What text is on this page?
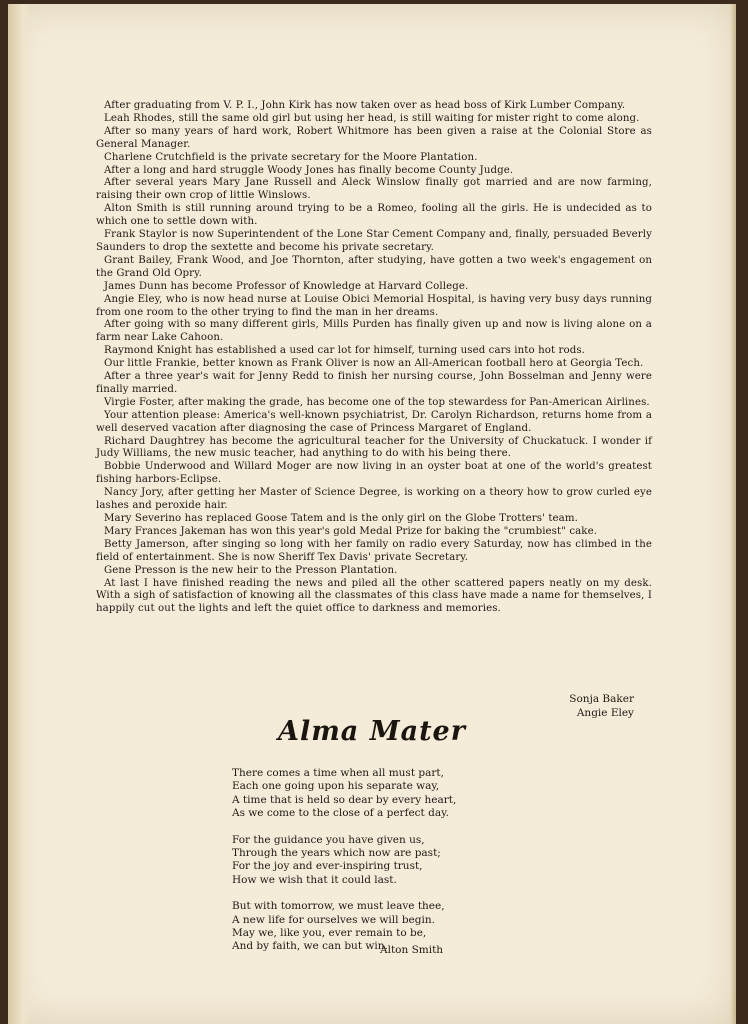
After graduating from V. P. I., John Kirk has now taken over as head boss of Kirk Lumber Company.

Leah Rhodes, still the same old girl but using her head, is still waiting for mister right to come along.

After so many years of hard work, Robert Whitmore has been given a raise at the Colonial Store as General Manager.

Charlene Crutchfield is the private secretary for the Moore Plantation.

After a long and hard struggle Woody Jones has finally become County Judge.

After several years Mary Jane Russell and Aleck Winslow finally got married and are now farming, raising their own crop of little Winslows.

Alton Smith is still running around trying to be a Romeo, fooling all the girls. He is undecided as to which one to settle down with.

Frank Staylor is now Superintendent of the Lone Star Cement Company and, finally, persuaded Beverly Saunders to drop the sextette and become his private secretary.

Grant Bailey, Frank Wood, and Joe Thornton, after studying, have gotten a two week's engagement on the Grand Old Opry.

James Dunn has become Professor of Knowledge at Harvard College.

Angie Eley, who is now head nurse at Louise Obici Memorial Hospital, is having very busy days running from one room to the other trying to find the man in her dreams.

After going with so many different girls, Mills Purden has finally given up and now is living alone on a farm near Lake Cahoon.

Raymond Knight has established a used car lot for himself, turning used cars into hot rods.

Our little Frankie, better known as Frank Oliver is now an All-American football hero at Georgia Tech.

After a three year's wait for Jenny Redd to finish her nursing course, John Bosselman and Jenny were finally married.

Virgie Foster, after making the grade, has become one of the top stewardess for Pan-American Airlines.

Your attention please: America's well-known psychiatrist, Dr. Carolyn Richardson, returns home from a well deserved vacation after diagnosing the case of Princess Margaret of England.

Richard Daughtrey has become the agricultural teacher for the University of Chuckatuck. I wonder if Judy Williams, the new music teacher, had anything to do with his being there.

Bobbie Underwood and Willard Moger are now living in an oyster boat at one of the world's greatest fishing harbors-Eclipse.

Nancy Jory, after getting her Master of Science Degree, is working on a theory how to grow curled eye lashes and peroxide hair.

Mary Severino has replaced Goose Tatem and is the only girl on the Globe Trotters' team.

Mary Frances Jakeman has won this year's gold Medal Prize for baking the "crumbiest" cake.

Betty Jamerson, after singing so long with her family on radio every Saturday, now has climbed in the field of entertainment. She is now Sheriff Tex Davis' private Secretary.

Gene Presson is the new heir to the Presson Plantation.

At last I have finished reading the news and piled all the other scattered papers neatly on my desk. With a sigh of satisfaction of knowing all the classmates of this class have made a name for themselves, I happily cut out the lights and left the quiet office to darkness and memories.

Sonja Baker
Angie Eley
Alma Mater
There comes a time when all must part,
Each one going upon his separate way,
A time that is held so dear by every heart,
As we come to the close of a perfect day.
For the guidance you have given us,
Through the years which now are past;
For the joy and ever-inspiring trust,
How we wish that it could last.
But with tomorrow, we must leave thee,
A new life for ourselves we will begin.
May we, like you, ever remain to be,
And by faith, we can but win.
Alton Smith
